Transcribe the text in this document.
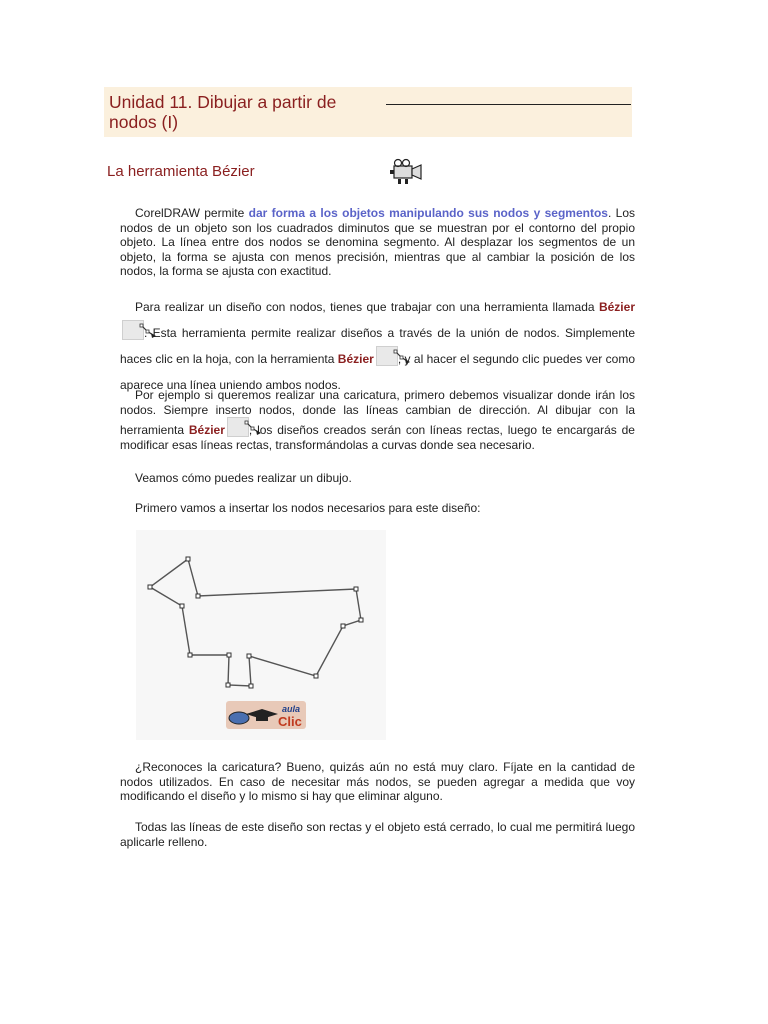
Unidad 11. Dibujar a partir de nodos (I)
La herramienta Bézier
CorelDRAW permite dar forma a los objetos manipulando sus nodos y segmentos. Los nodos de un objeto son los cuadrados diminutos que se muestran por el contorno del propio objeto. La línea entre dos nodos se denomina segmento. Al desplazar los segmentos de un objeto, la forma se ajusta con menos precisión, mientras que al cambiar la posición de los nodos, la forma se ajusta con exactitud.
Para realizar un diseño con nodos, tienes que trabajar con una herramienta llamada Bézier. Esta herramienta permite realizar diseños a través de la unión de nodos. Simplemente haces clic en la hoja, con la herramienta Bézier , y al hacer el segundo clic puedes ver como aparece una línea uniendo ambos nodos.
Por ejemplo si queremos realizar una caricatura, primero debemos visualizar donde irán los nodos. Siempre inserto nodos, donde las líneas cambian de dirección. Al dibujar con la herramienta Bézier , los diseños creados serán con líneas rectas, luego te encargarás de modificar esas líneas rectas, transformándolas a curvas donde sea necesario.
Veamos cómo puedes realizar un dibujo.
Primero vamos a insertar los nodos necesarios para este diseño:
aula
Clic
¿Reconoces la caricatura? Bueno, quizás aún no está muy claro. Fíjate en la cantidad de nodos utilizados. En caso de necesitar más nodos, se pueden agregar a medida que voy modificando el diseño y lo mismo si hay que eliminar alguno.
Todas las líneas de este diseño son rectas y el objeto está cerrado, lo cual me permitirá luego aplicarle relleno.
